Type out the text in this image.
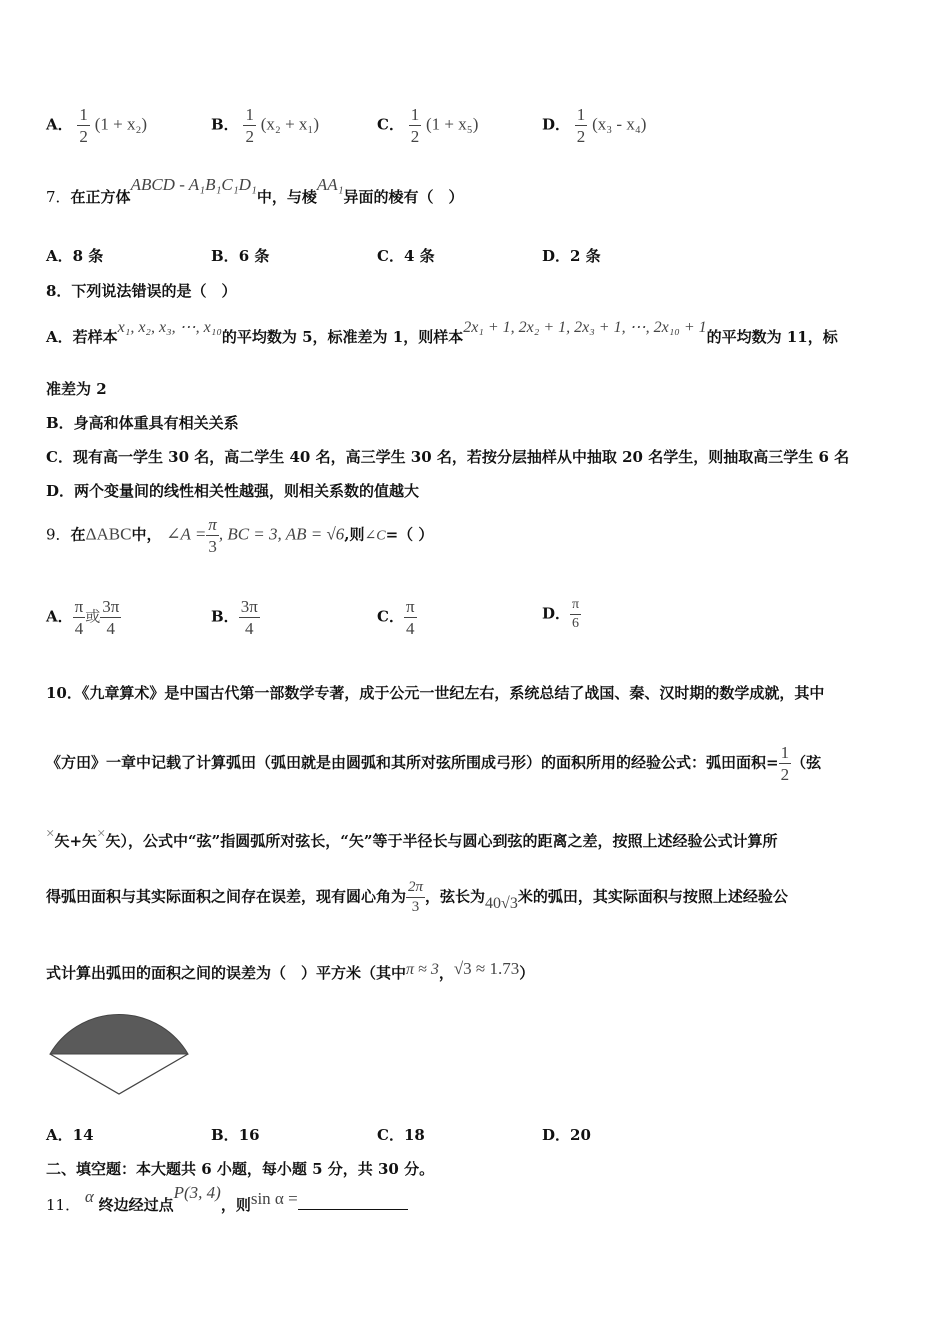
A． $\frac{1}{2} (1 + x_2)$	B． $\frac{1}{2} (x_2 + x_1)$	C． $\frac{1}{2} (1 + x_5)$	D． $\frac{1}{2} (x_3 - x_4)$
7．在正方体ABCD - A₁B₁C₁D₁中，与棱AA₁异面的棱有（　）
A．8 条	B．6 条	C．4 条	D．2 条
8．下列说法错误的是（　）
A．若样本x₁, x₂, x₃, ⋯, x₁₀的平均数为 5，标准差为 1，则样本2x₁ + 1, 2x₂ + 1, 2x₃ + 1, ⋯, 2x₁₀ + 1的平均数为 11，标
准差为 2
B．身高和体重具有相关关系
C．现有高一学生 30 名，高二学生 40 名，高三学生 30 名，若按分层抽样从中抽取 20 名学生，则抽取高三学生 6 名
D．两个变量间的线性相关性越强，则相关系数的值越大
9．在ΔABC中， ∠A = $\frac{\pi}{3}$ , BC = 3, AB = √6,则∠C=（ ）
A． $\frac{\pi}{4}$ 或 $\frac{3\pi}{4}$	B． $\frac{3\pi}{4}$	C． $\frac{\pi}{4}$	D． $\frac{\pi}{6}$
10．《九章算术》是中国古代第一部数学专著，成于公元一世纪左右，系统总结了战国、秦、汉时期的数学成就，其中
《方田》一章中记载了计算弧田（弧田就是由圆弧和其所对弦所围成弓形）的面积所用的经验公式：弧田面积= $\frac{1}{2}$ （弦
×矢+矢×矢），公式中“弦”指圆弧所对弦长，“矢”等于半径长与圆心到弦的距离之差，按照上述经验公式计算所
得弧田面积与其实际面积之间存在误差，现有圆心角为 $\frac{2\pi}{3}$ ，弦长为40√3米的弧田，其实际面积与按照上述经验公
式计算出弧田的面积之间的误差为（　）平方米（其中π ≈ 3，√3 ≈ 1.73）
A．14	B．16	C．18	D．20
二、填空题：本大题共 6 小题，每小题 5 分，共 30 分。
11． α 终边经过点P(3, 4)，则sin α =
